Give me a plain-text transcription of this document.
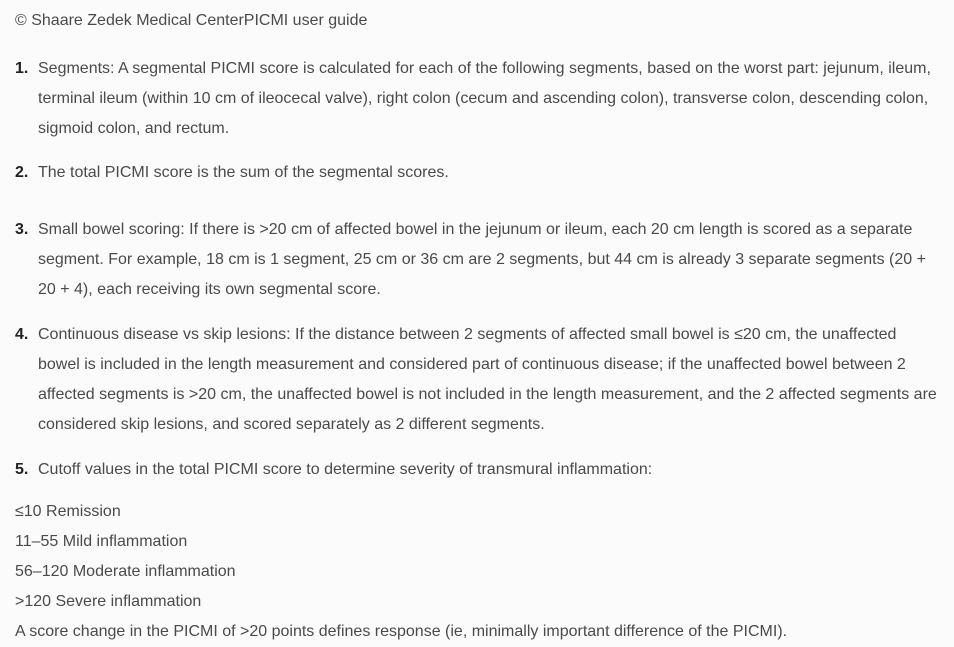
© Shaare Zedek Medical CenterPICMI user guide
1. Segments: A segmental PICMI score is calculated for each of the following segments, based on the worst part: jejunum, ileum, terminal ileum (within 10 cm of ileocecal valve), right colon (cecum and ascending colon), transverse colon, descending colon, sigmoid colon, and rectum.
2. The total PICMI score is the sum of the segmental scores.
3. Small bowel scoring: If there is >20 cm of affected bowel in the jejunum or ileum, each 20 cm length is scored as a separate segment. For example, 18 cm is 1 segment, 25 cm or 36 cm are 2 segments, but 44 cm is already 3 separate segments (20 + 20 + 4), each receiving its own segmental score.
4. Continuous disease vs skip lesions: If the distance between 2 segments of affected small bowel is ≤20 cm, the unaffected bowel is included in the length measurement and considered part of continuous disease; if the unaffected bowel between 2 affected segments is >20 cm, the unaffected bowel is not included in the length measurement, and the 2 affected segments are considered skip lesions, and scored separately as 2 different segments.
5. Cutoff values in the total PICMI score to determine severity of transmural inflammation:
≤10 Remission
11–55 Mild inflammation
56–120 Moderate inflammation
>120 Severe inflammation
A score change in the PICMI of >20 points defines response (ie, minimally important difference of the PICMI).
